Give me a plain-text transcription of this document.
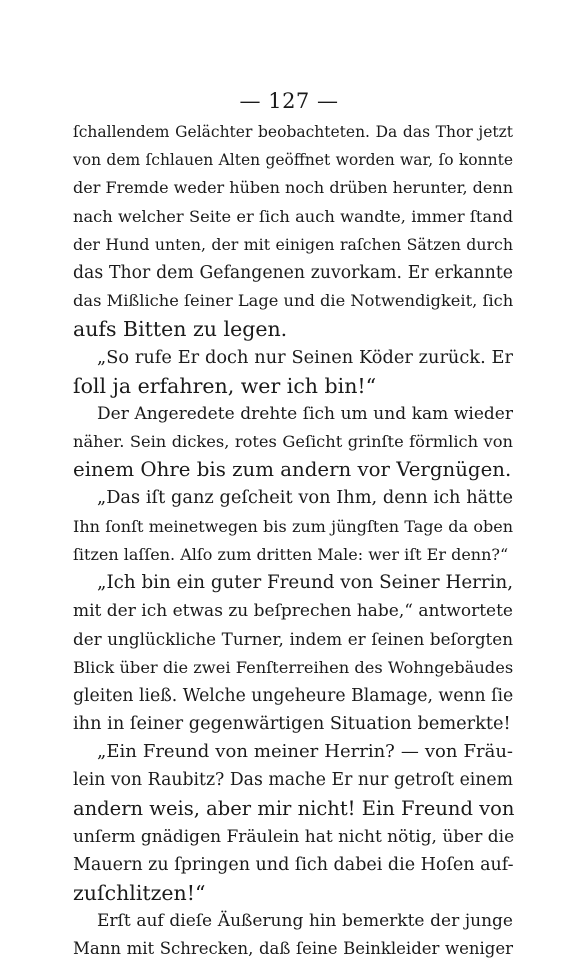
— 127 —
ſchallendem Gelächter beobachteten. Da das Thor jetzt
von dem ſchlauen Alten geöffnet worden war, ſo konnte
der Fremde weder hüben noch drüben herunter, denn
nach welcher Seite er ſich auch wandte, immer ſtand
der Hund unten, der mit einigen raſchen Sätzen durch
das Thor dem Gefangenen zuvorkam. Er erkannte
das Mißliche ſeiner Lage und die Notwendigkeit, ſich
aufs Bitten zu legen.
„So rufe Er doch nur Seinen Köder zurück. Er
ſoll ja erfahren, wer ich bin!“
Der Angeredete drehte ſich um und kam wieder
näher. Sein dickes, rotes Geſicht grinſte förmlich von
einem Ohre bis zum andern vor Vergnügen.
„Das iſt ganz geſcheit von Ihm, denn ich hätte
Ihn ſonſt meinetwegen bis zum jüngſten Tage da oben
ſitzen laſſen. Alſo zum dritten Male: wer iſt Er denn?“
„Ich bin ein guter Freund von Seiner Herrin,
mit der ich etwas zu beſprechen habe,“ antwortete
der unglückliche Turner, indem er ſeinen beſorgten
Blick über die zwei Fenſterreihen des Wohngebäudes
gleiten ließ. Welche ungeheure Blamage, wenn ſie
ihn in ſeiner gegenwärtigen Situation bemerkte!
„Ein Freund von meiner Herrin? — von Fräu-
lein von Raubitz? Das mache Er nur getroſt einem
andern weis, aber mir nicht! Ein Freund von
unſerm gnädigen Fräulein hat nicht nötig, über die
Mauern zu ſpringen und ſich dabei die Hoſen auf-
zuſchlitzen!“
Erſt auf dieſe Äußerung hin bemerkte der junge
Mann mit Schrecken, daß ſeine Beinkleider weniger
